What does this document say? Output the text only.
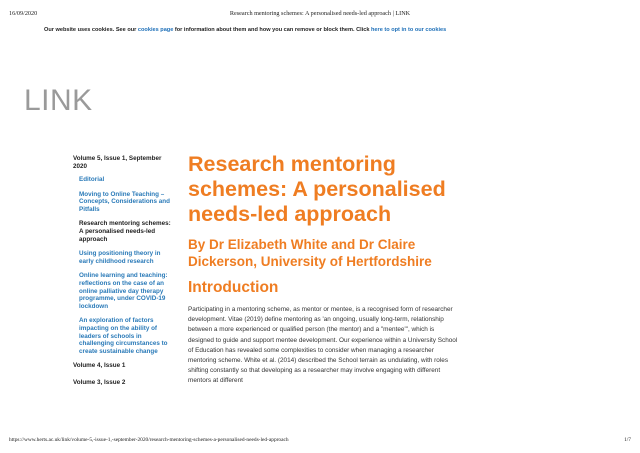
16/09/2020	Research mentoring schemes: A personalised needs-led approach | LINK
Our website uses cookies. See our cookies page for information about them and how you can remove or block them. Click here to opt in to our cookies
LINK
Volume 5, Issue 1, September 2020
Editorial
Moving to Online Teaching – Concepts, Considerations and Pitfalls
Research mentoring schemes: A personalised needs-led approach
Using positioning theory in early childhood research
Online learning and teaching: reflections on the case of an online palliative day therapy programme, under COVID-19 lockdown
An exploration of factors impacting on the ability of leaders of schools in challenging circumstances to create sustainable change
Volume 4, Issue 1
Volume 3, Issue 2
Research mentoring schemes: A personalised needs-led approach
By Dr Elizabeth White and Dr Claire Dickerson, University of Hertfordshire
Introduction

Participating in a mentoring scheme, as mentor or mentee, is a recognised form of researcher development. Vitae (2019) define mentoring as 'an ongoing, usually long-term, relationship between a more experienced or qualified person (the mentor) and a "mentee"', which is designed to guide and support mentee development. Our experience within a University School of Education has revealed some complexities to consider when managing a researcher mentoring scheme. White et al. (2014) described the School terrain as undulating, with roles shifting constantly so that developing as a researcher may involve engaging with different mentors at different

https://www.herts.ac.uk/link/volume-5,-issue-1,-september-2020/research-mentoring-schemes-a-personalised-needs-led-approach	1/7
